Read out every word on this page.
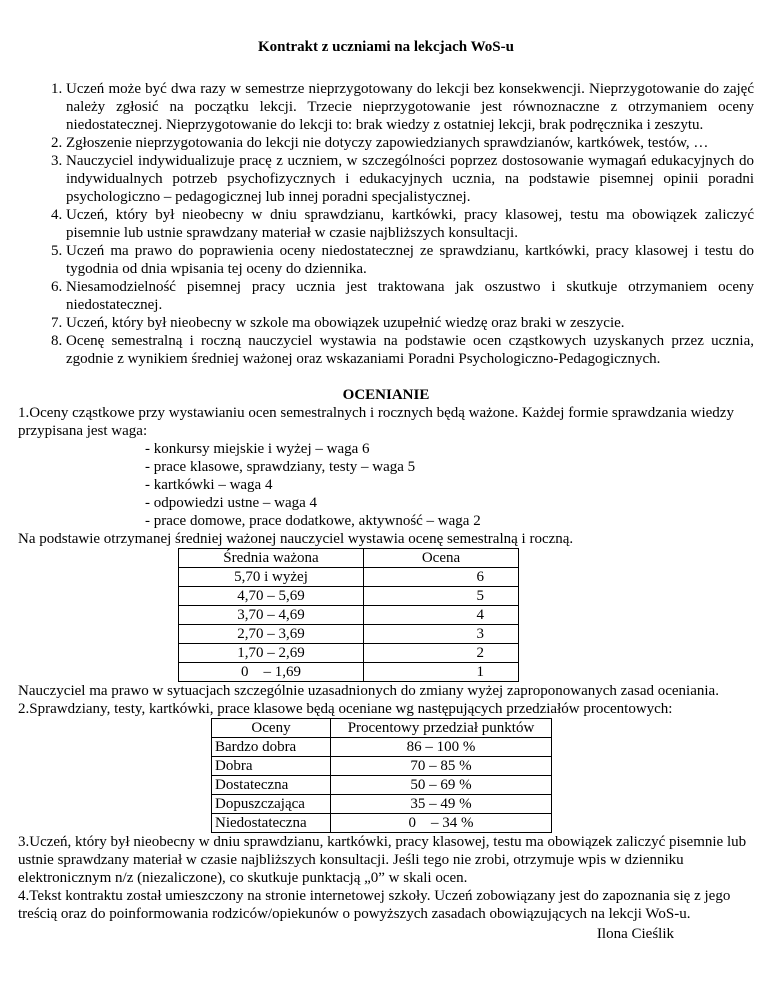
Kontrakt z uczniami na lekcjach WoS-u
1. Uczeń może być dwa razy w semestrze nieprzygotowany do lekcji bez konsekwencji. Nieprzygotowanie do zajęć należy zgłosić na początku lekcji. Trzecie nieprzygotowanie jest równoznaczne z otrzymaniem oceny niedostatecznej. Nieprzygotowanie do lekcji to: brak wiedzy z ostatniej lekcji, brak podręcznika i zeszytu.
2. Zgłoszenie nieprzygotowania do lekcji nie dotyczy zapowiedzianych sprawdzianów, kartkówek, testów, …
3. Nauczyciel indywidualizuje pracę z uczniem, w szczególności poprzez dostosowanie wymagań edukacyjnych do indywidualnych potrzeb psychofizycznych i edukacyjnych ucznia, na podstawie pisemnej opinii poradni psychologiczno – pedagogicznej lub innej poradni specjalistycznej.
4. Uczeń, który był nieobecny w dniu sprawdzianu, kartkówki, pracy klasowej, testu ma obowiązek zaliczyć pisemnie lub ustnie sprawdzany materiał w czasie najbliższych konsultacji.
5. Uczeń ma prawo do poprawienia oceny niedostatecznej ze sprawdzianu, kartkówki, pracy klasowej i testu do tygodnia od dnia wpisania tej oceny do dziennika.
6. Niesamodzielność pisemnej pracy ucznia jest traktowana jak oszustwo i skutkuje otrzymaniem oceny niedostatecznej.
7. Uczeń, który był nieobecny w szkole ma obowiązek uzupełnić wiedzę oraz braki w zeszycie.
8. Ocenę semestralną i roczną nauczyciel wystawia na podstawie ocen cząstkowych uzyskanych przez ucznia, zgodnie z wynikiem średniej ważonej oraz wskazaniami Poradni Psychologiczno-Pedagogicznych.
OCENIANIE

1.Oceny cząstkowe przy wystawianiu ocen semestralnych i rocznych będą ważone. Każdej formie sprawdzania wiedzy przypisana jest waga:

- konkursy miejskie i wyżej – waga 6
- prace klasowe, sprawdziany, testy – waga 5
- kartkówki – waga 4
- odpowiedzi ustne – waga 4
- prace domowe, prace dodatkowe, aktywność – waga 2

Na podstawie otrzymanej średniej ważonej nauczyciel wystawia ocenę semestralną i roczną.

Średnia ważona	Ocena
5,70 i wyżej	6
4,70 – 5,69	5
3,70 – 4,69	4
2,70 – 3,69	3
1,70 – 2,69	2
0    – 1,69	1

Nauczyciel ma prawo w sytuacjach szczególnie uzasadnionych do zmiany wyżej zaproponowanych zasad oceniania.

2.Sprawdziany, testy, kartkówki, prace klasowe będą oceniane wg następujących przedziałów procentowych:

Oceny	Procentowy przedział punktów
Bardzo dobra	86 – 100 %
Dobra	70 – 85 %
Dostateczna	50 – 69 %
Dopuszczająca	35 – 49 %
Niedostateczna	0    – 34 %

3.Uczeń, który był nieobecny w dniu sprawdzianu, kartkówki, pracy klasowej, testu ma obowiązek zaliczyć pisemnie lub ustnie sprawdzany materiał w czasie najbliższych konsultacji. Jeśli tego nie zrobi, otrzymuje wpis w dzienniku elektronicznym n/z (niezaliczone), co skutkuje punktacją „0” w skali ocen.

4.Tekst kontraktu został umieszczony na stronie internetowej szkoły. Uczeń zobowiązany jest do zapoznania się z jego treścią oraz do poinformowania rodziców/opiekunów o powyższych zasadach obowiązujących na lekcji WoS-u.

Ilona Cieślik
